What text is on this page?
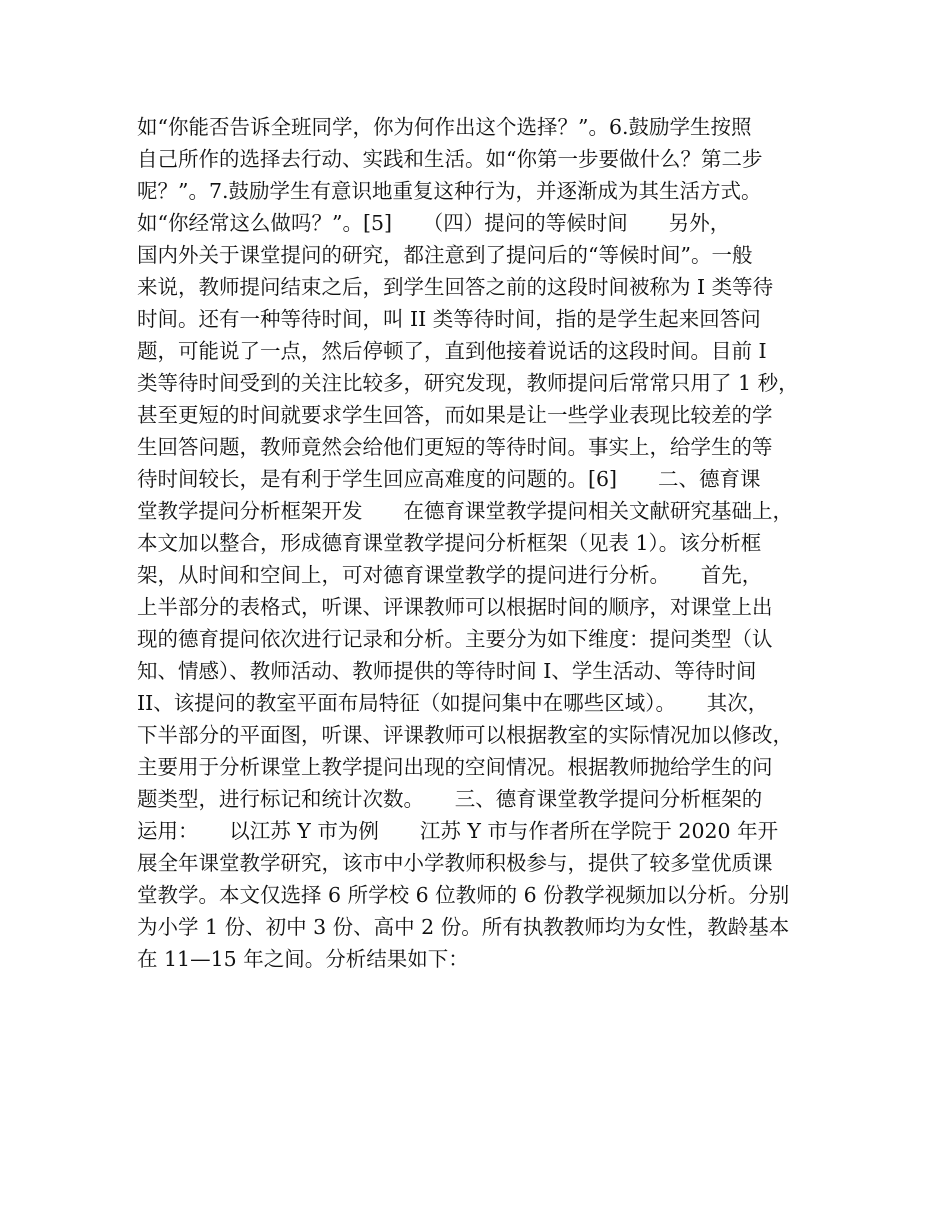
如“你能否告诉全班同学，你为何作出这个选择？”。6.鼓励学生按照
自己所作的选择去行动、实践和生活。如“你第一步要做什么？第二步
呢？”。7.鼓励学生有意识地重复这种行为，并逐渐成为其生活方式。
如“你经常这么做吗？”。[5]　　（四）提问的等候时间　　另外，
国内外关于课堂提问的研究，都注意到了提问后的“等候时间”。一般
来说，教师提问结束之后，到学生回答之前的这段时间被称为 I 类等待
时间。还有一种等待时间，叫 II 类等待时间，指的是学生起来回答问
题，可能说了一点，然后停顿了，直到他接着说话的这段时间。目前 I
类等待时间受到的关注比较多，研究发现，教师提问后常常只用了 1 秒，
甚至更短的时间就要求学生回答，而如果是让一些学业表现比较差的学
生回答问题，教师竟然会给他们更短的等待时间。事实上，给学生的等
待时间较长，是有利于学生回应高难度的问题的。[6]　　二、德育课
堂教学提问分析框架开发　　在德育课堂教学提问相关文献研究基础上，
本文加以整合，形成德育课堂教学提问分析框架（见表 1）。该分析框
架，从时间和空间上，可对德育课堂教学的提问进行分析。　　首先，
上半部分的表格式，听课、评课教师可以根据时间的顺序，对课堂上出
现的德育提问依次进行记录和分析。主要分为如下维度：提问类型（认
知、情感）、教师活动、教师提供的等待时间 I、学生活动、等待时间
II、该提问的教室平面布局特征（如提问集中在哪些区域）。　　其次，
下半部分的平面图，听课、评课教师可以根据教室的实际情况加以修改，
主要用于分析课堂上教学提问出现的空间情况。根据教师抛给学生的问
题类型，进行标记和统计次数。　　三、德育课堂教学提问分析框架的
运用：　　以江苏 Y 市为例　　江苏 Y 市与作者所在学院于 2020 年开
展全年课堂教学研究，该市中小学教师积极参与，提供了较多堂优质课
堂教学。本文仅选择 6 所学校 6 位教师的 6 份教学视频加以分析。分别
为小学 1 份、初中 3 份、高中 2 份。所有执教教师均为女性，教龄基本
在 11—15 年之间。分析结果如下：
